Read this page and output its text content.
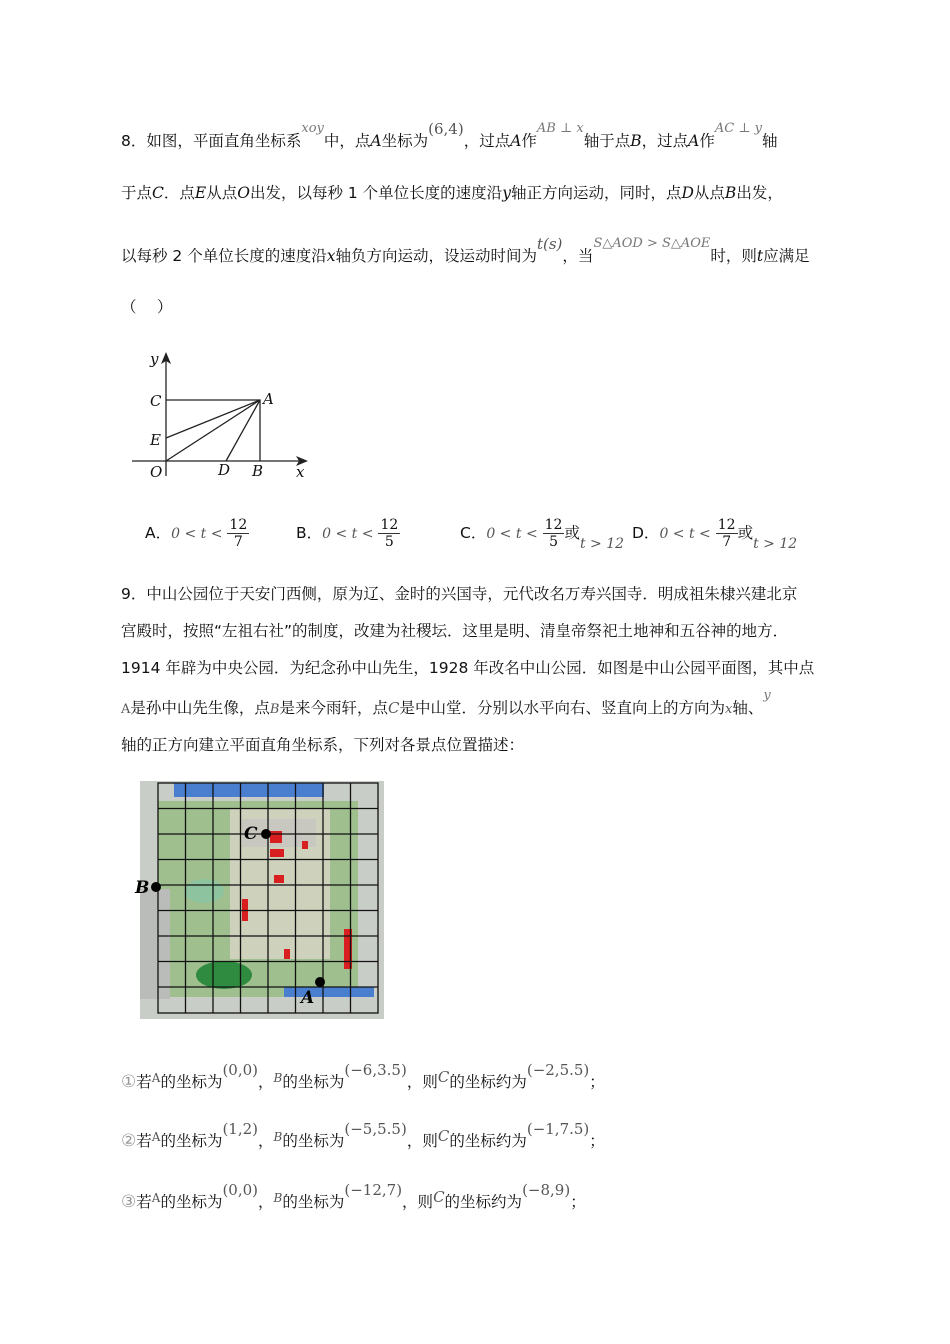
8．如图，平面直角坐标系$^{xoy}$中，点A坐标为(6,4)，过点A作$^{AB \perp x}$轴于点B，过点A作$^{AC \perp y}$轴
于点C．点E从点O出发，以每秒 1 个单位长度的速度沿y轴正方向运动，同时，点D从点B出发，
以每秒 2 个单位长度的速度沿x轴负方向运动，设运动时间为t(s)，当$^{S\triangle AOD > S\triangle AOE}$时，则t应满足
（　 ）
y
C	A
E
O	D B x
A．$0 < t < \frac{12}{7}$	B．$0 < t < \frac{12}{5}$	C．$0 < t < \frac{12}{5}$ 或t > 12
D．$0 < t < \frac{12}{7}$ 或t > 12
9．中山公园位于天安门西侧，原为辽、金时的兴国寺，元代改名万寿兴国寺．明成祖朱棣兴建北京
宫殿时，按照“左祖右社”的制度，改建为社稷坛．这里是明、清皇帝祭祀土地神和五谷神的地方．
1914 年辟为中央公园．为纪念孙中山先生，1928 年改名中山公园．如图是中山公园平面图，其中点
A是孙中山先生像，点B是来今雨轩，点C是中山堂．分别以水平向右、竖直向上的方向为x轴、$^y$
轴的正方向建立平面直角坐标系，下列对各景点位置描述：
C
B
A
①若$^A$的坐标为(0,0)，$^B$的坐标为(−6,3.5)，则C的坐标约为(−2,5.5)；
②若$^A$的坐标为(1,2)，$^B$的坐标为(−5,5.5)，则C的坐标约为(−1,7.5)；
③若$^A$的坐标为(0,0)，$^B$的坐标为(−12,7)，则C的坐标约为(−8,9)；
